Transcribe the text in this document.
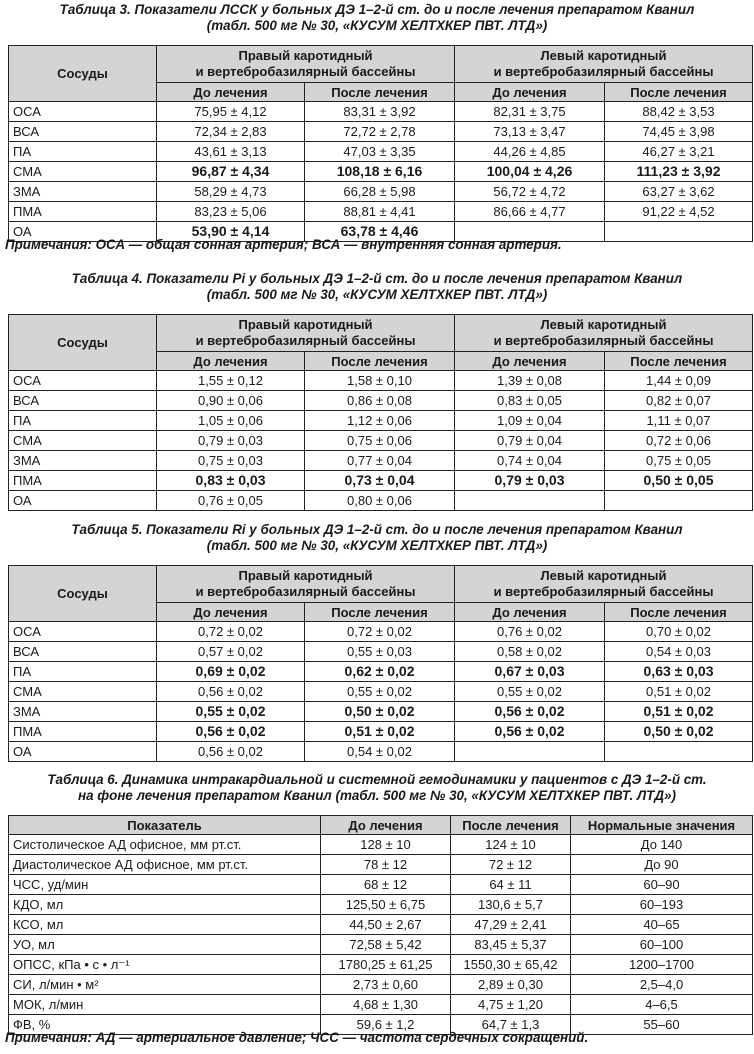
Таблица 3. Показатели ЛССК у больных ДЭ 1–2-й ст. до и после лечения препаратом Кванил
(табл. 500 мг № 30, «КУСУМ ХЕЛТХКЕР ПВТ. ЛТД»)
Сосуды	Правый каротидный
и вертебробазилярный бассейны		Левый каротидный
и вертебробазилярный бассейны	
	До лечения	После лечения	До лечения	После лечения
ОСА	75,95 ± 4,12	83,31 ± 3,92	82,31 ± 3,75	88,42 ± 3,53
ВСА	72,34 ± 2,83	72,72 ± 2,78	73,13 ± 3,47	74,45 ± 3,98
ПА	43,61 ± 3,13	47,03 ± 3,35	44,26 ± 4,85	46,27 ± 3,21
СМА	96,87 ± 4,34	108,18 ± 6,16	100,04 ± 4,26	111,23 ± 3,92
ЗМА	58,29 ± 4,73	66,28 ± 5,98	56,72 ± 4,72	63,27 ± 3,62
ПМА	83,23 ± 5,06	88,81 ± 4,41	86,66 ± 4,77	91,22 ± 4,52
ОА	53,90 ± 4,14	63,78 ± 4,46		
Примечания: ОСА — общая сонная артерия; ВСА — внутренняя сонная артерия.
Таблица 4. Показатели Pi у больных ДЭ 1–2-й ст. до и после лечения препаратом Кванил
(табл. 500 мг № 30, «КУСУМ ХЕЛТХКЕР ПВТ. ЛТД»)
Сосуды	Правый каротидный
и вертебробазилярный бассейны		Левый каротидный
и вертебробазилярный бассейны	
	До лечения	После лечения	До лечения	После лечения
ОСА	1,55 ± 0,12	1,58 ± 0,10	1,39 ± 0,08	1,44 ± 0,09
ВСА	0,90 ± 0,06	0,86 ± 0,08	0,83 ± 0,05	0,82 ± 0,07
ПА	1,05 ± 0,06	1,12 ± 0,06	1,09 ± 0,04	1,11 ± 0,07
СМА	0,79 ± 0,03	0,75 ± 0,06	0,79 ± 0,04	0,72 ± 0,06
ЗМА	0,75 ± 0,03	0,77 ± 0,04	0,74 ± 0,04	0,75 ± 0,05
ПМА	0,83 ± 0,03	0,73 ± 0,04	0,79 ± 0,03	0,50 ± 0,05
ОА	0,76 ± 0,05	0,80 ± 0,06		
Таблица 5. Показатели Ri у больных ДЭ 1–2-й ст. до и после лечения препаратом Кванил
(табл. 500 мг № 30, «КУСУМ ХЕЛТХКЕР ПВТ. ЛТД»)
Сосуды	Правый каротидный
и вертебробазилярный бассейны		Левый каротидный
и вертебробазилярный бассейны	
	До лечения	После лечения	До лечения	После лечения
ОСА	0,72 ± 0,02	0,72 ± 0,02	0,76 ± 0,02	0,70 ± 0,02
ВСА	0,57 ± 0,02	0,55 ± 0,03	0,58 ± 0,02	0,54 ± 0,03
ПА	0,69 ± 0,02	0,62 ± 0,02	0,67 ± 0,03	0,63 ± 0,03
СМА	0,56 ± 0,02	0,55 ± 0,02	0,55 ± 0,02	0,51 ± 0,02
ЗМА	0,55 ± 0,02	0,50 ± 0,02	0,56 ± 0,02	0,51 ± 0,02
ПМА	0,56 ± 0,02	0,51 ± 0,02	0,56 ± 0,02	0,50 ± 0,02
ОА	0,56 ± 0,02	0,54 ± 0,02		
Таблица 6. Динамика интракардиальной и системной гемодинамики у пациентов с ДЭ 1–2-й ст.
на фоне лечения препаратом Кванил (табл. 500 мг № 30, «КУСУМ ХЕЛТХКЕР ПВТ. ЛТД»)
Показатель	До лечения	После лечения	Нормальные значения
Систолическое АД офисное, мм рт.ст.	128 ± 10	124 ± 10	До 140
Диастолическое АД офисное, мм рт.ст.	78 ± 12	72 ± 12	До 90
ЧСС, уд/мин	68 ± 12	64 ± 11	60–90
КДО, мл	125,50 ± 6,75	130,6 ± 5,7	60–193
КСО, мл	44,50 ± 2,67	47,29 ± 2,41	40–65
УО, мл	72,58 ± 5,42	83,45 ± 5,37	60–100
ОПСС, кПа • с • л⁻¹	1780,25 ± 61,25	1550,30 ± 65,42	1200–1700
СИ, л/мин • м²	2,73 ± 0,60	2,89 ± 0,30	2,5–4,0
МОК, л/мин	4,68 ± 1,30	4,75 ± 1,20	4–6,5
ФВ, %	59,6 ± 1,2	64,7 ± 1,3	55–60
Примечания: АД — артериальное давление; ЧСС — частота сердечных сокращений.
